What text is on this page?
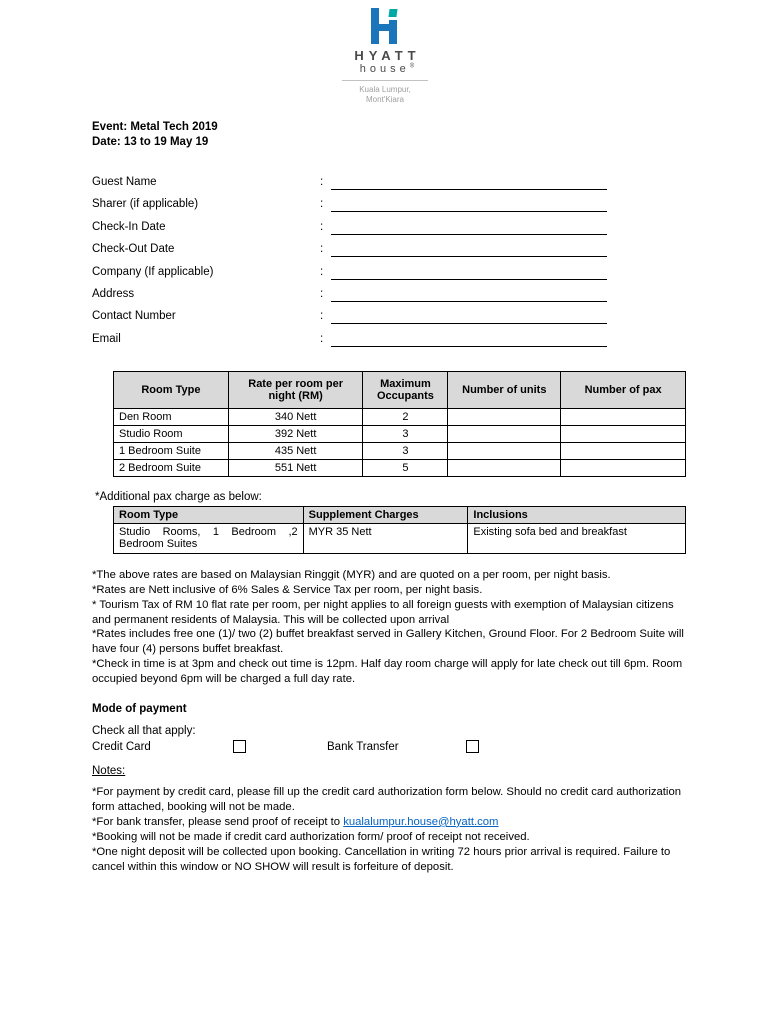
HYATT
house®
Kuala Lumpur,
Mont'Kiara
Event: Metal Tech 2019
Date: 13 to 19 May 19
Guest Name	:
Sharer (if applicable)	:
Check-In Date	:
Check-Out Date	:
Company (If applicable)	:
Address	:
Contact Number	:
Email	:
Room Type	Rate per room per night (RM)	Maximum Occupants	Number of units	Number of pax
Den Room	340 Nett	2		
Studio Room	392 Nett	3		
1 Bedroom Suite	435 Nett	3		
2 Bedroom Suite	551 Nett	5		
*Additional pax charge as below:
Room Type	Supplement Charges	Inclusions
Studio Rooms, 1 Bedroom ,2 Bedroom Suites	MYR 35 Nett	Existing sofa bed and breakfast

*The above rates are based on Malaysian Ringgit (MYR) and are quoted on a per room, per night basis.

*Rates are Nett inclusive of 6% Sales & Service Tax per room, per night basis.

* Tourism Tax of RM 10 flat rate per room, per night applies to all foreign guests with exemption of Malaysian citizens and permanent residents of Malaysia. This will be collected upon arrival

*Rates includes free one (1)/ two (2) buffet breakfast served in Gallery Kitchen, Ground Floor. For 2 Bedroom Suite will have four (4) persons buffet breakfast.

*Check in time is at 3pm and check out time is 12pm. Half day room charge will apply for late check out till 6pm. Room occupied beyond 6pm will be charged a full day rate.

Mode of payment
Check all that apply:
Credit Card	Bank Transfer
Notes:

*For payment by credit card, please fill up the credit card authorization form below. Should no credit card authorization form attached, booking will not be made.

*For bank transfer, please send proof of receipt to kualalumpur.house@hyatt.com

*Booking will not be made if credit card authorization form/ proof of receipt not received.

*One night deposit will be collected upon booking. Cancellation in writing 72 hours prior arrival is required. Failure to cancel within this window or NO SHOW will result is forfeiture of deposit.
